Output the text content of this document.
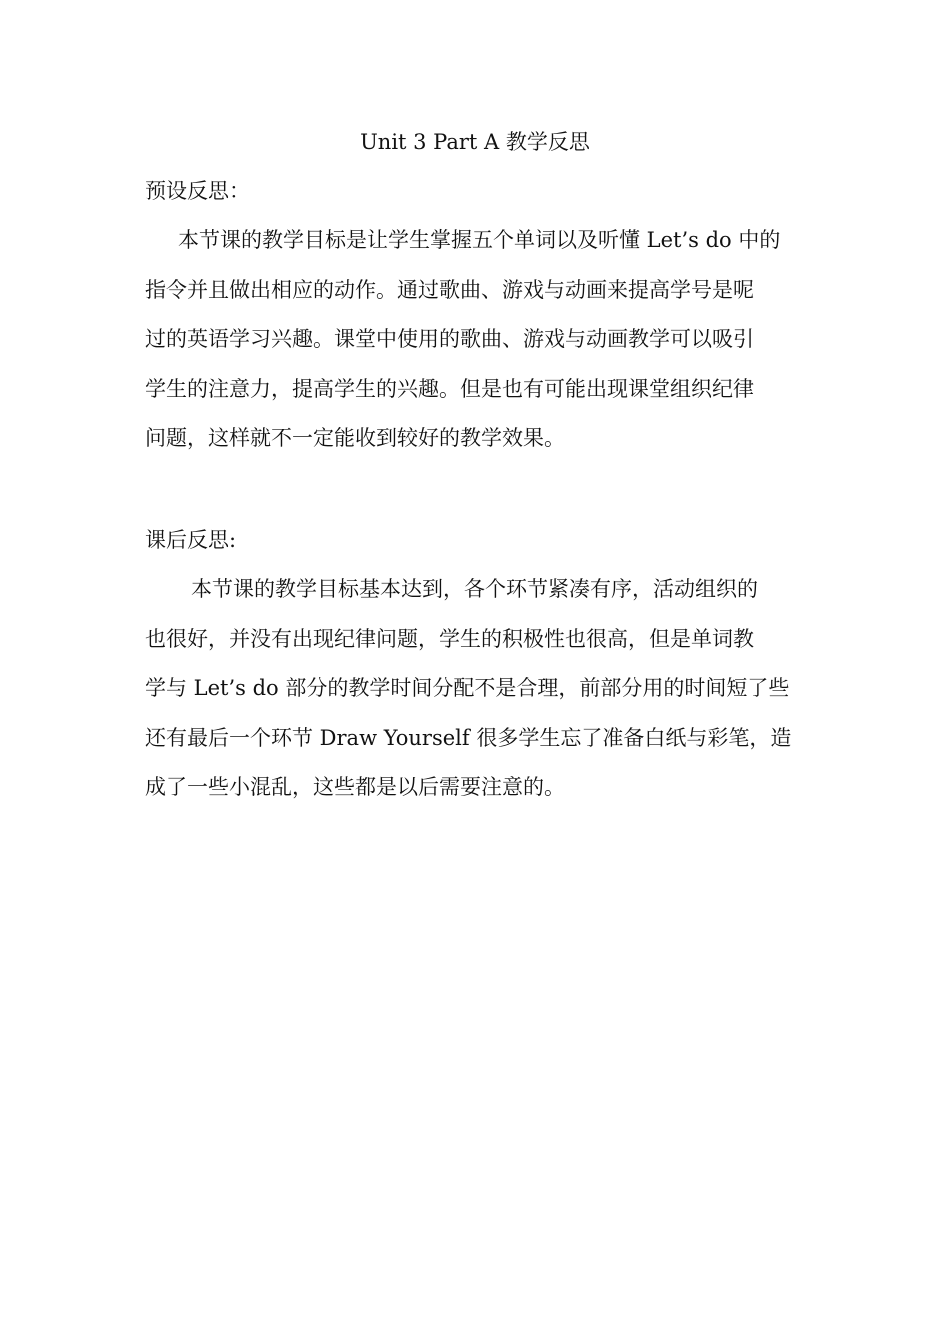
Unit 3 Part A 教学反思
预设反思：
本节课的教学目标是让学生掌握五个单词以及听懂 Let’s do 中的
指令并且做出相应的动作。通过歌曲、游戏与动画来提高学号是呢
过的英语学习兴趣。课堂中使用的歌曲、游戏与动画教学可以吸引
学生的注意力，提高学生的兴趣。但是也有可能出现课堂组织纪律
问题，这样就不一定能收到较好的教学效果。
课后反思:
本节课的教学目标基本达到，各个环节紧凑有序，活动组织的
也很好，并没有出现纪律问题，学生的积极性也很高，但是单词教
学与 Let’s do 部分的教学时间分配不是合理，前部分用的时间短了些
还有最后一个环节 Draw Yourself 很多学生忘了准备白纸与彩笔，造
成了一些小混乱，这些都是以后需要注意的。
